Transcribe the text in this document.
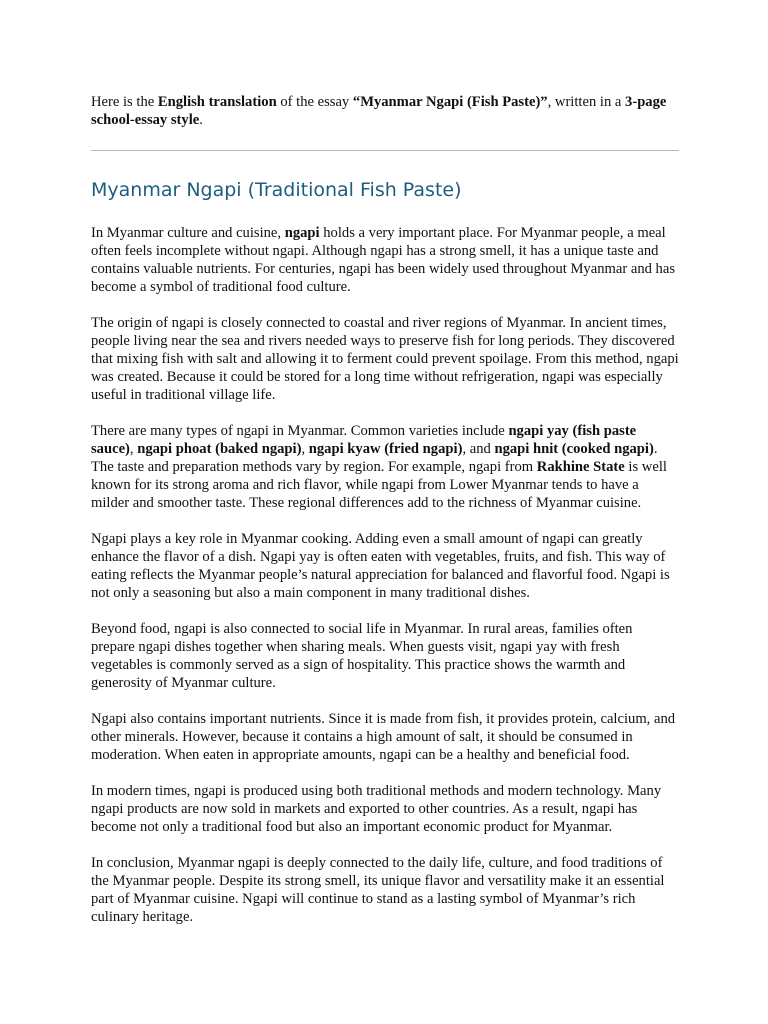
Here is the English translation of the essay “Myanmar Ngapi (Fish Paste)”, written in a 3-page school-essay style.

Myanmar Ngapi (Traditional Fish Paste)

In Myanmar culture and cuisine, ngapi holds a very important place. For Myanmar people, a meal often feels incomplete without ngapi. Although ngapi has a strong smell, it has a unique taste and contains valuable nutrients. For centuries, ngapi has been widely used throughout Myanmar and has become a symbol of traditional food culture.

The origin of ngapi is closely connected to coastal and river regions of Myanmar. In ancient times, people living near the sea and rivers needed ways to preserve fish for long periods. They discovered that mixing fish with salt and allowing it to ferment could prevent spoilage. From this method, ngapi was created. Because it could be stored for a long time without refrigeration, ngapi was especially useful in traditional village life.

There are many types of ngapi in Myanmar. Common varieties include ngapi yay (fish paste sauce), ngapi phoat (baked ngapi), ngapi kyaw (fried ngapi), and ngapi hnit (cooked ngapi). The taste and preparation methods vary by region. For example, ngapi from Rakhine State is well known for its strong aroma and rich flavor, while ngapi from Lower Myanmar tends to have a milder and smoother taste. These regional differences add to the richness of Myanmar cuisine.

Ngapi plays a key role in Myanmar cooking. Adding even a small amount of ngapi can greatly enhance the flavor of a dish. Ngapi yay is often eaten with vegetables, fruits, and fish. This way of eating reflects the Myanmar people’s natural appreciation for balanced and flavorful food. Ngapi is not only a seasoning but also a main component in many traditional dishes.

Beyond food, ngapi is also connected to social life in Myanmar. In rural areas, families often prepare ngapi dishes together when sharing meals. When guests visit, ngapi yay with fresh vegetables is commonly served as a sign of hospitality. This practice shows the warmth and generosity of Myanmar culture.

Ngapi also contains important nutrients. Since it is made from fish, it provides protein, calcium, and other minerals. However, because it contains a high amount of salt, it should be consumed in moderation. When eaten in appropriate amounts, ngapi can be a healthy and beneficial food.

In modern times, ngapi is produced using both traditional methods and modern technology. Many ngapi products are now sold in markets and exported to other countries. As a result, ngapi has become not only a traditional food but also an important economic product for Myanmar.

In conclusion, Myanmar ngapi is deeply connected to the daily life, culture, and food traditions of the Myanmar people. Despite its strong smell, its unique flavor and versatility make it an essential part of Myanmar cuisine. Ngapi will continue to stand as a lasting symbol of Myanmar’s rich culinary heritage.
